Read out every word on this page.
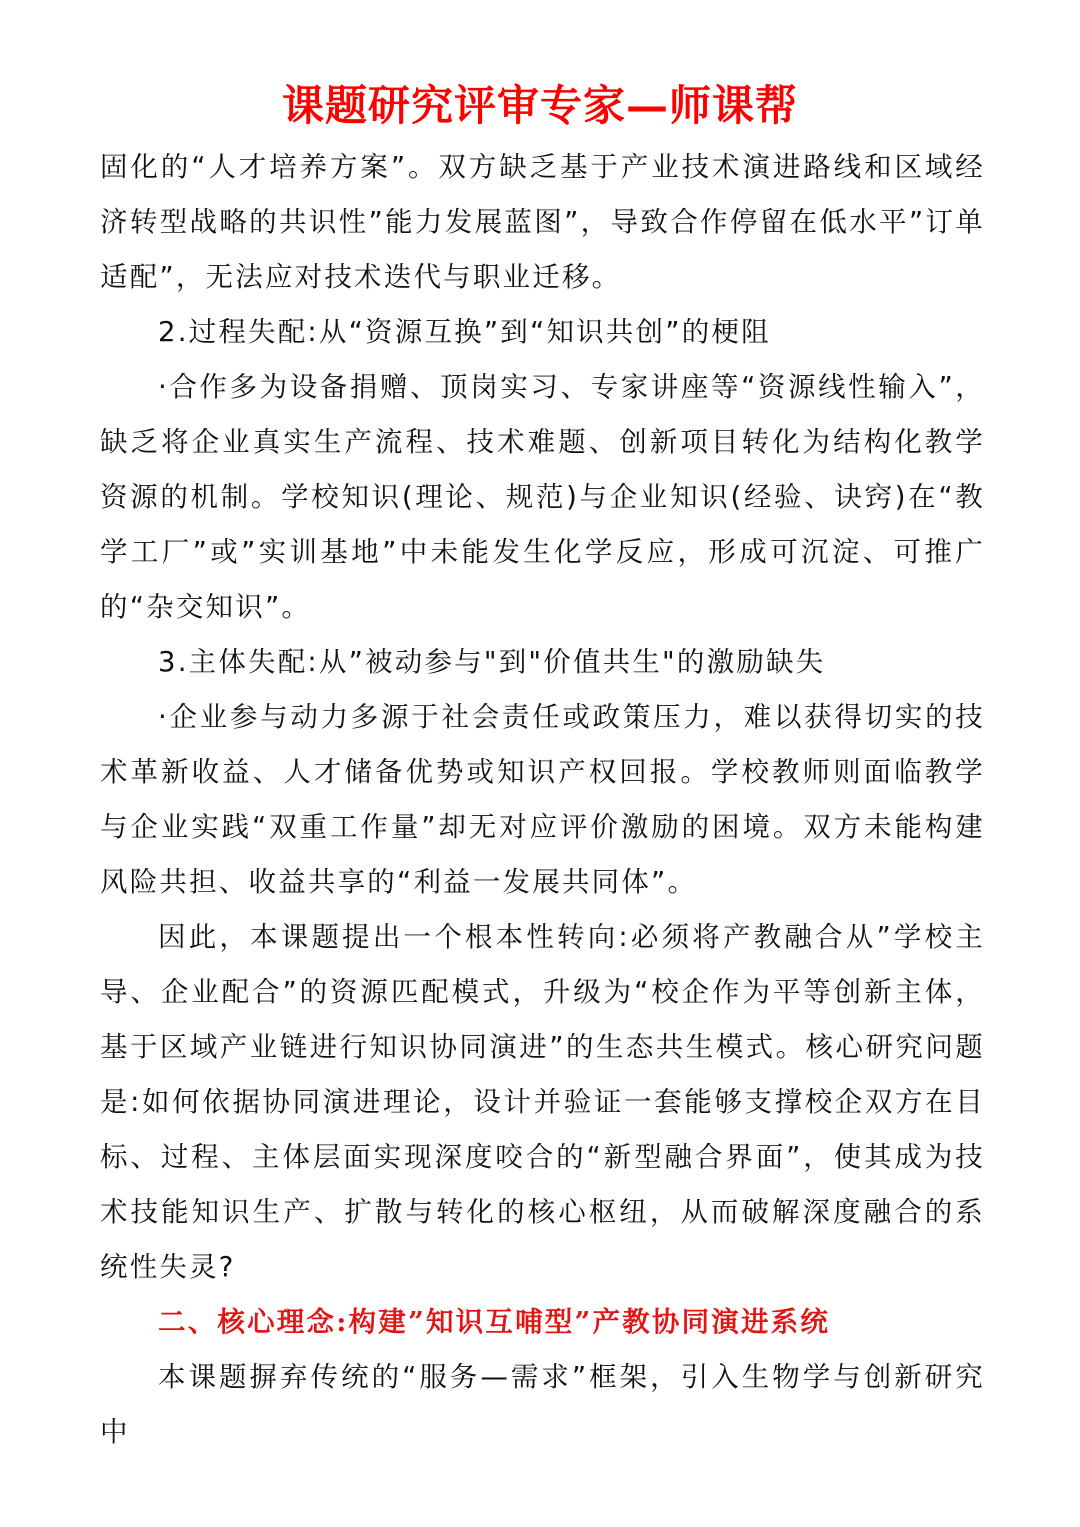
课题研究评审专家—师课帮

固化的“人才培养方案”。双方缺乏基于产业技术演进路线和区域经济转型战略的共识性”能力发展蓝图”，导致合作停留在低水平”订单适配”，无法应对技术迭代与职业迁移。

2.过程失配:从“资源互换”到“知识共创”的梗阻

·合作多为设备捐赠、顶岗实习、专家讲座等“资源线性输入”，缺乏将企业真实生产流程、技术难题、创新项目转化为结构化教学资源的机制。学校知识(理论、规范)与企业知识(经验、诀窍)在“教学工厂”或”实训基地”中未能发生化学反应，形成可沉淀、可推广的“杂交知识”。

3.主体失配:从”被动参与"到"价值共生"的激励缺失

·企业参与动力多源于社会责任或政策压力，难以获得切实的技术革新收益、人才储备优势或知识产权回报。学校教师则面临教学与企业实践“双重工作量”却无对应评价激励的困境。双方未能构建风险共担、收益共享的“利益一发展共同体”。

因此，本课题提出一个根本性转向:必须将产教融合从”学校主导、企业配合”的资源匹配模式，升级为“校企作为平等创新主体，基于区域产业链进行知识协同演进”的生态共生模式。核心研究问题是:如何依据协同演进理论，设计并验证一套能够支撑校企双方在目标、过程、主体层面实现深度咬合的“新型融合界面”，使其成为技术技能知识生产、扩散与转化的核心枢纽，从而破解深度融合的系统性失灵?

二、核心理念:构建”知识互哺型”产教协同演进系统

本课题摒弃传统的“服务—需求”框架，引入生物学与创新研究中
